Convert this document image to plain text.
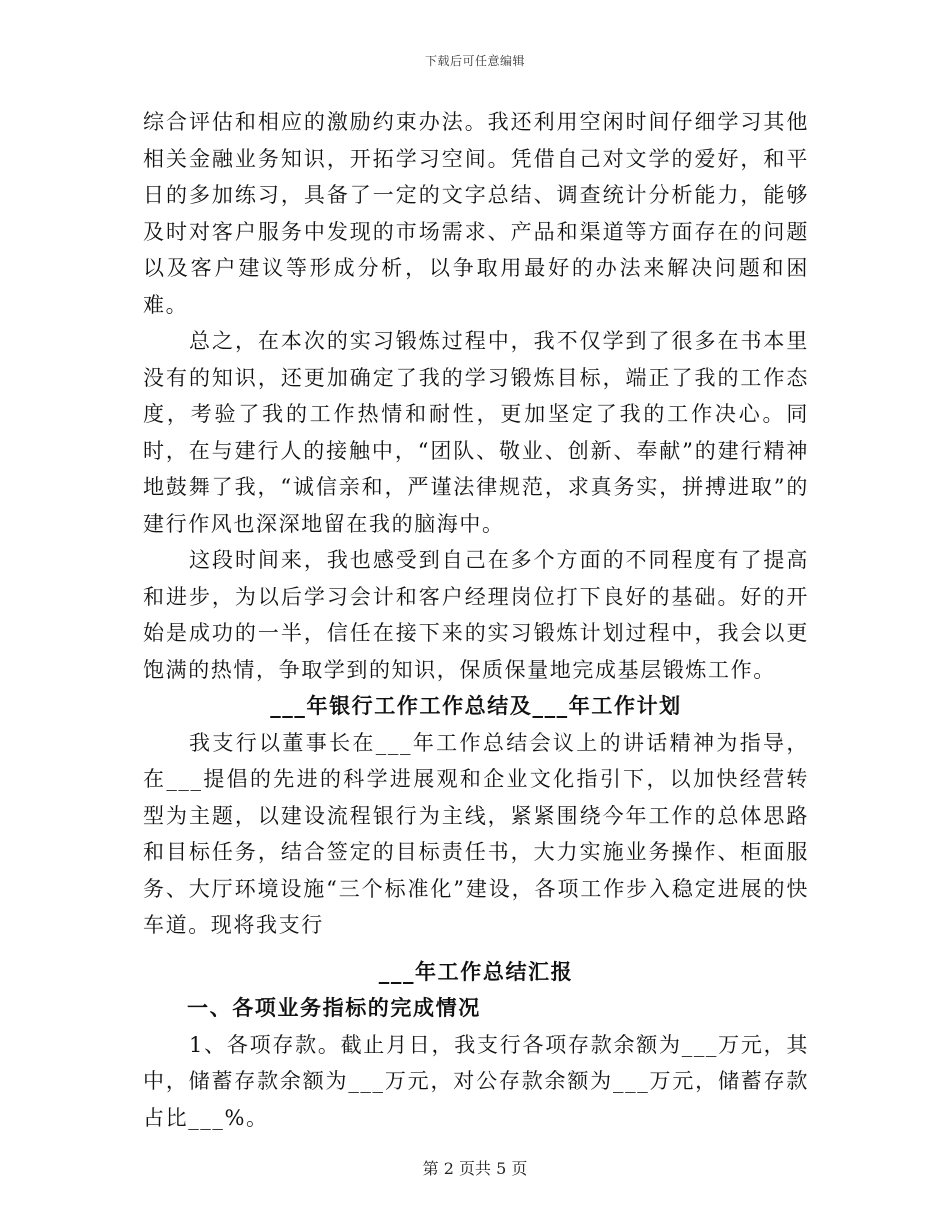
下载后可任意编辑

综合评估和相应的激励约束办法。我还利用空闲时间仔细学习其他相关金融业务知识，开拓学习空间。凭借自己对文学的爱好，和平日的多加练习，具备了一定的文字总结、调查统计分析能力，能够及时对客户服务中发现的市场需求、产品和渠道等方面存在的问题以及客户建议等形成分析，以争取用最好的办法来解决问题和困难。

总之，在本次的实习锻炼过程中，我不仅学到了很多在书本里没有的知识，还更加确定了我的学习锻炼目标，端正了我的工作态度，考验了我的工作热情和耐性，更加坚定了我的工作决心。同时，在与建行人的接触中，“团队、敬业、创新、奉献”的建行精神地鼓舞了我，“诚信亲和，严谨法律规范，求真务实，拼搏进取”的建行作风也深深地留在我的脑海中。

这段时间来，我也感受到自己在多个方面的不同程度有了提高和进步，为以后学习会计和客户经理岗位打下良好的基础。好的开始是成功的一半，信任在接下来的实习锻炼计划过程中，我会以更饱满的热情，争取学到的知识，保质保量地完成基层锻炼工作。

___年银行工作工作总结及___年工作计划

我支行以董事长在___年工作总结会议上的讲话精神为指导，在___提倡的先进的科学进展观和企业文化指引下，以加快经营转型为主题，以建设流程银行为主线，紧紧围绕今年工作的总体思路和目标任务，结合签定的目标责任书，大力实施业务操作、柜面服务、大厅环境设施“三个标准化”建设，各项工作步入稳定进展的快车道。现将我支行

___年工作总结汇报

一、各项业务指标的完成情况

1、各项存款。截止月日，我支行各项存款余额为___万元，其中，储蓄存款余额为___万元，对公存款余额为___万元，储蓄存款占比___%。

第 2 页共 5 页
